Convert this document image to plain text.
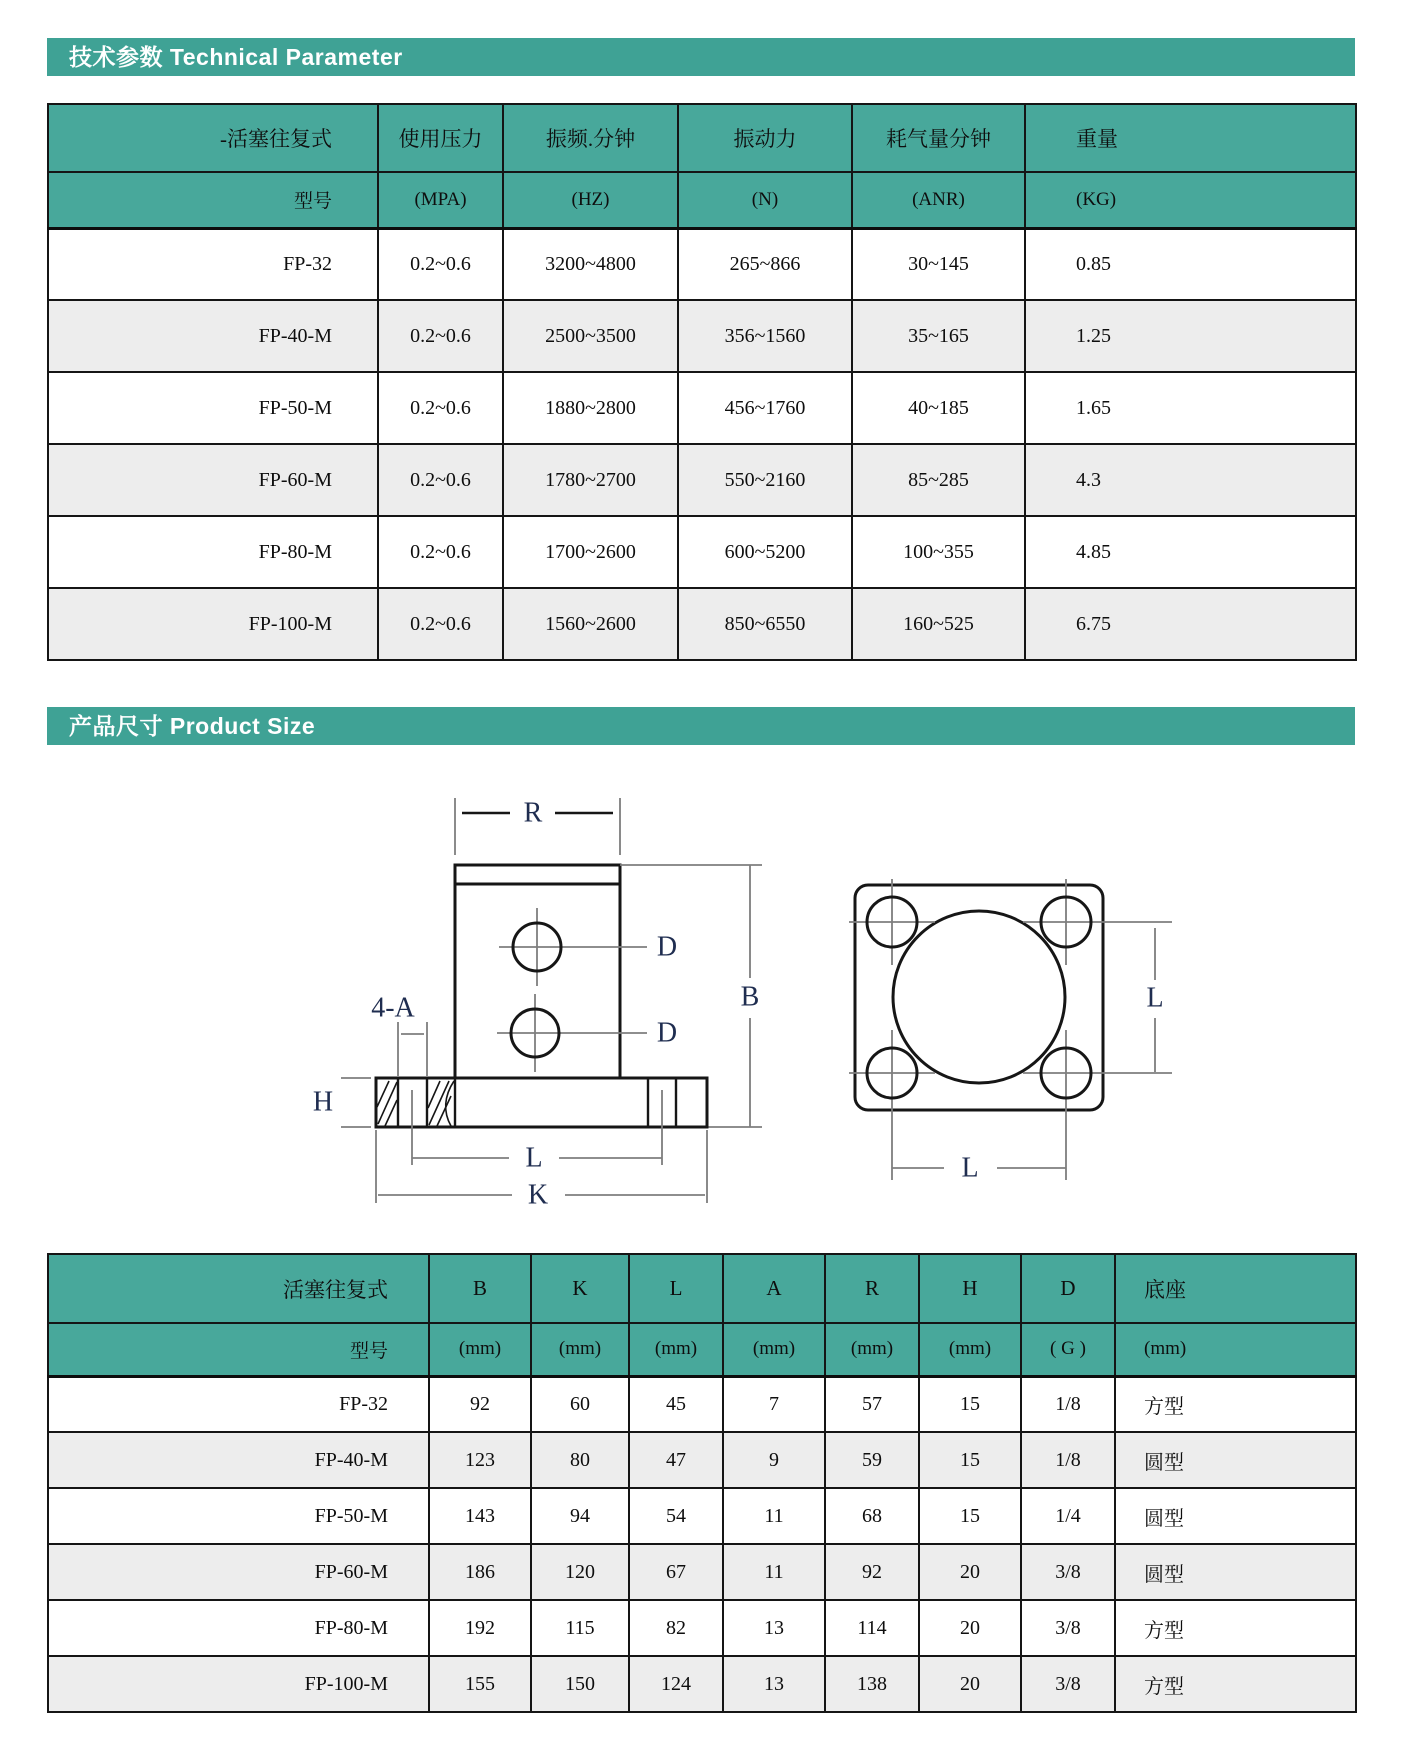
技术参数 Technical Parameter
-活塞往复式	使用压力	振频.分钟	振动力	耗气量分钟	重量
型号	(MPA)	(HZ)	(N)	(ANR)	(KG)
FP-32	0.2~0.6	3200~4800	265~866	30~145	0.85
FP-40-M	0.2~0.6	2500~3500	356~1560	35~165	1.25
FP-50-M	0.2~0.6	1880~2800	456~1760	40~185	1.65
FP-60-M	0.2~0.6	1780~2700	550~2160	85~285	4.3
FP-80-M	0.2~0.6	1700~2600	600~5200	100~355	4.85
FP-100-M	0.2~0.6	1560~2600	850~6550	160~525	6.75
产品尺寸 Product Size
R
D
D
B
4-A
H
L
K
L
L
活塞往复式	B	K	L	A	R	H	D	底座
型号	(mm)	(mm)	(mm)	(mm)	(mm)	(mm)	( G )	(mm)
FP-32	92	60	45	7	57	15	1/8	方型
FP-40-M	123	80	47	9	59	15	1/8	圆型
FP-50-M	143	94	54	11	68	15	1/4	圆型
FP-60-M	186	120	67	11	92	20	3/8	圆型
FP-80-M	192	115	82	13	114	20	3/8	方型
FP-100-M	155	150	124	13	138	20	3/8	方型
